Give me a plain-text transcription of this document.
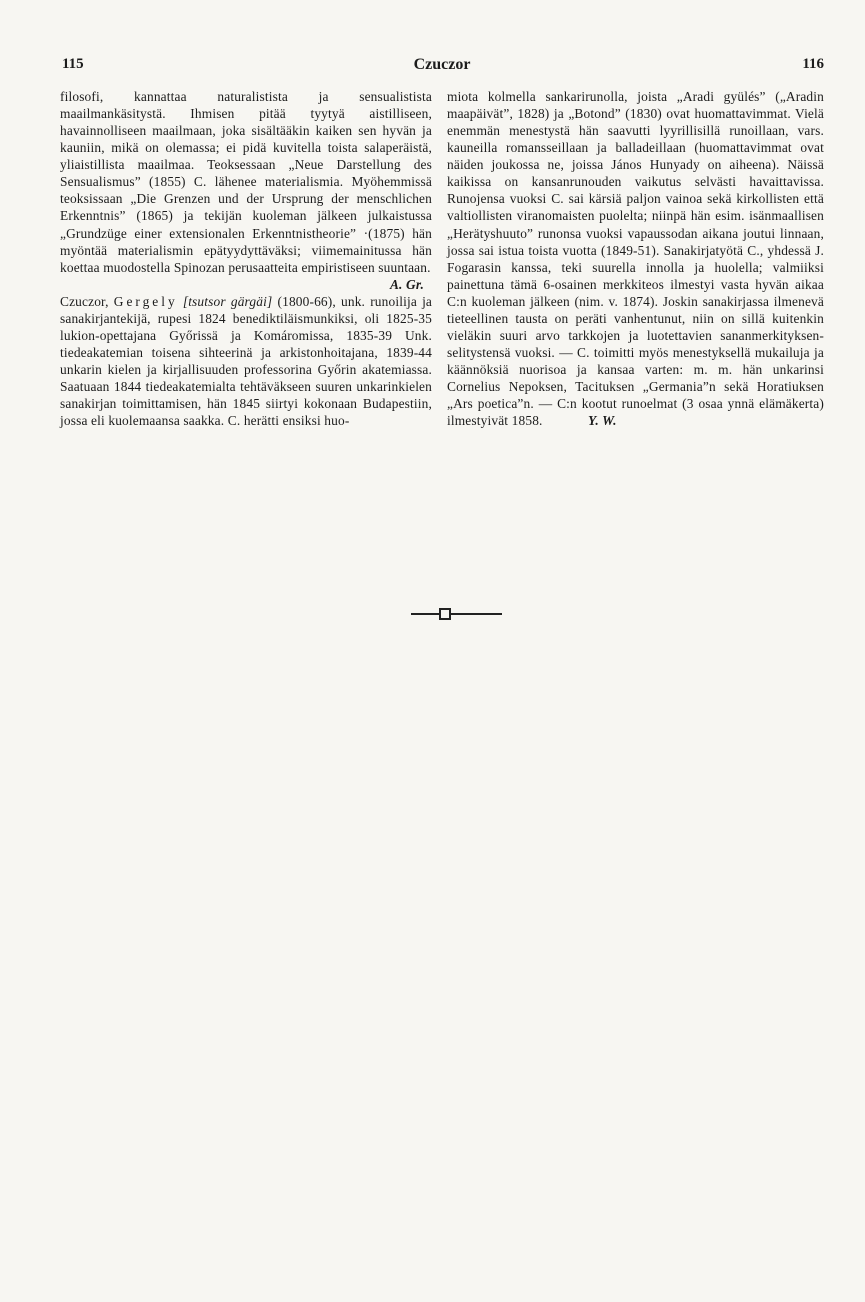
115	Czuczor	116

filosofi, kannattaa naturalistista ja sensualistista maailmankäsitystä. Ihmisen pitää tyytyä aistilliseen, havainnolliseen maailmaan, joka sisältääkin kaiken sen hyvän ja kauniin, mikä on olemassa; ei pidä kuvitella toista salaperäistä, yliaistillista maailmaa. Teoksessaan „Neue Darstellung des Sensualismus” (1855) C. lähenee materialismia. Myöhemmissä teoksissaan „Die Grenzen und der Ursprung der menschlichen Erkenntnis” (1865) ja tekijän kuoleman jälkeen julkaistussa „Grundzüge einer extensionalen Erkenntnistheorie” ·(1875) hän myöntää materialismin epätyydyttäväksi; viimemainitussa hän koettaa muodostella Spinozan perusaatteita empiristiseen suuntaan.

A. Gr.

Czuczor, Gergely [tsutsor gärgäi] (1800-66), unk. runoilija ja sanakirjantekijä, rupesi 1824 benediktiläismunkiksi, oli 1825-35 lukion-opettajana Győrissä ja Komáromissa, 1835-39 Unk. tiedeakatemian toisena sihteerinä ja arkistonhoitajana, 1839-44 unkarin kielen ja kirjallisuuden professorina Győrin akatemiassa. Saatuaan 1844 tiedeakatemialta tehtäväkseen suuren unkarinkielen sanakirjan toimittamisen, hän 1845 siirtyi kokonaan Budapestiin, jossa eli kuolemaansa saakka. C. herätti ensiksi huo-

miota kolmella sankarirunolla, joista „Aradi gyülés” („Aradin maapäivät”, 1828) ja „Botond” (1830) ovat huomattavimmat. Vielä enemmän menestystä hän saavutti lyyrillisillä runoillaan, vars. kauneilla romansseillaan ja balladeillaan (huomattavimmat ovat näiden joukossa ne, joissa János Hunyady on aiheena). Näissä kaikissa on kansanrunouden vaikutus selvästi havaittavissa. Runojensa vuoksi C. sai kärsiä paljon vainoa sekä kirkollisten että valtiollisten viranomaisten puolelta; niinpä hän esim. isänmaallisen „Herätyshuuto” runonsa vuoksi vapaussodan aikana joutui linnaan, jossa sai istua toista vuotta (1849-51). Sanakirjatyötä C., yhdessä J. Fogarasin kanssa, teki suurella innolla ja huolella; valmiiksi painettuna tämä 6-osainen merkkiteos ilmestyi vasta hyvän aikaa C:n kuoleman jälkeen (nim. v. 1874). Joskin sanakirjassa ilmenevä tieteellinen tausta on peräti vanhentunut, niin on sillä kuitenkin vieläkin suuri arvo tarkkojen ja luotettavien sananmerkityksen-selitystensä vuoksi. — C. toimitti myös menestyksellä mukailuja ja käännöksiä nuorisoa ja kansaa varten: m. m. hän unkarinsi Cornelius Nepoksen, Tacituksen „Germania”n sekä Horatiuksen „Ars poetica”n. — C:n kootut runoelmat (3 osaa ynnä elämäkerta) ilmestyivät 1858.	Y. W.
